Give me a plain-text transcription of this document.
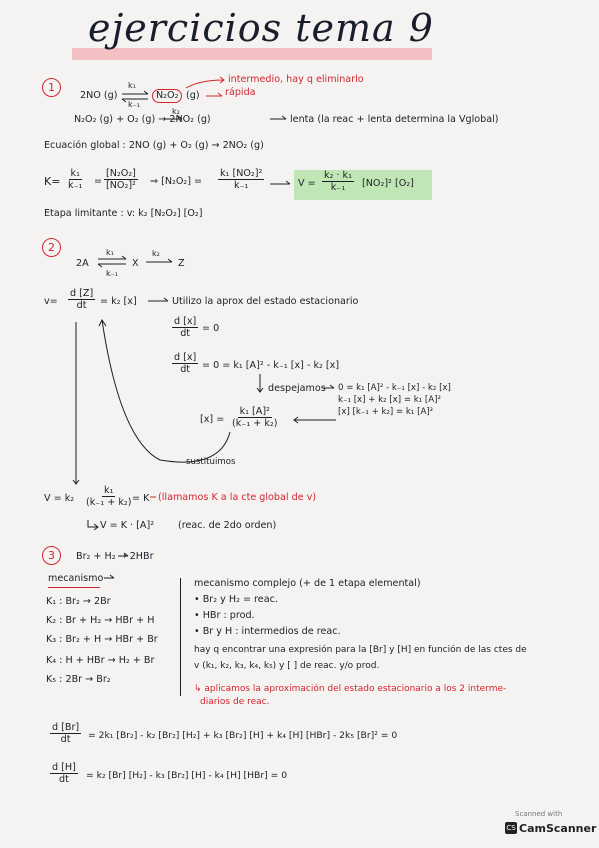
ejercicios tema 9
1
2NO (g)
k₁
k₋₁
N₂O₂ (g)
intermedio, hay q eliminarlo
rápida
N₂O₂ (g) + O₂ (g) → 2NO₂ (g)
k₂
lenta (la reac + lenta determina la Vglobal)
Ecuación global : 2NO (g) + O₂ (g) → 2NO₂ (g)
$K= \frac{\text{k₁}}{\text{k₋₁}} = \frac{\text{[N₂O₂]}}{\text{[NO₂]²}}$ ⇒ $[N_2O_2] = \frac{\text{k₁ [NO₂]²}}{\text{k₋₁}}$	$V = \frac{\text{k₂ · k₁}}{\text{k₋₁}} [NO_2]^2$ [O₂]
Etapa limitante : v: k₂ [N₂O₂] [O₂]
2
2A
k₁
k₋₁
X
k₂
Z
$v= \frac{d [Z]}{dt} = k_2$ [x]	Utilizo la aprox del estado estacionario
$\frac{d [x]}{dt} = 0$
$\frac{d [x]}{dt} = 0 = k_1$ [A]² - k₋₁ [x] - k₂ [x]
despejamos 0 = k₁ [A]² - k₋₁ [x] - k₂ [x]
k₋₁ [x] + k₂ [x] = k₁ [A]²
[x] [k₋₁ + k₂] = k₁ [A]²
$[x] = \frac{\text{k₁ [A]²}}{\text{(k₋₁ + k₂)}}$
sustituimos
$V = k_2 \frac{\text{k₁}}{\text{(k₋₁ + k₂)}}$
= K (llamamos K a la cte global de v)
V = K · [A]² (reac. de 2do orden)
3	Br₂ + H₂ → 2HBr
mecanismo
K₁ : Br₂ → 2Br
K₂ : Br + H₂ → HBr + H
K₃ : Br₂ + H → HBr + Br
K₄ : H + HBr → H₂ + Br
K₅ : 2Br → Br₂
mecanismo complejo (+ de 1 etapa elemental)
• Br₂ y H₂ = reac.
• HBr : prod.
• Br y H : intermedios de reac.
hay q encontrar una expresión para la [Br] y [H] en función de las ctes de
v (k₁, k₂, k₃, k₄, k₅) y [ ] de reac. y/o prod.
↳ aplicamos la aproximación del estado estacionario a los 2 interme-
diarios de reac.
$\frac{d [Br]}{dt} = 2k_1$ [Br₂] - k₂ [Br₂] [H₂] + k₃ [Br₂] [H] + k₄ [H] [HBr] - 2k₅ [Br]² = 0
$\frac{d [H]}{dt} = k_2$ [Br] [H₂] - k₃ [Br₂] [H] - k₄ [H] [HBr] = 0
Scanned with
CS CamScanner
